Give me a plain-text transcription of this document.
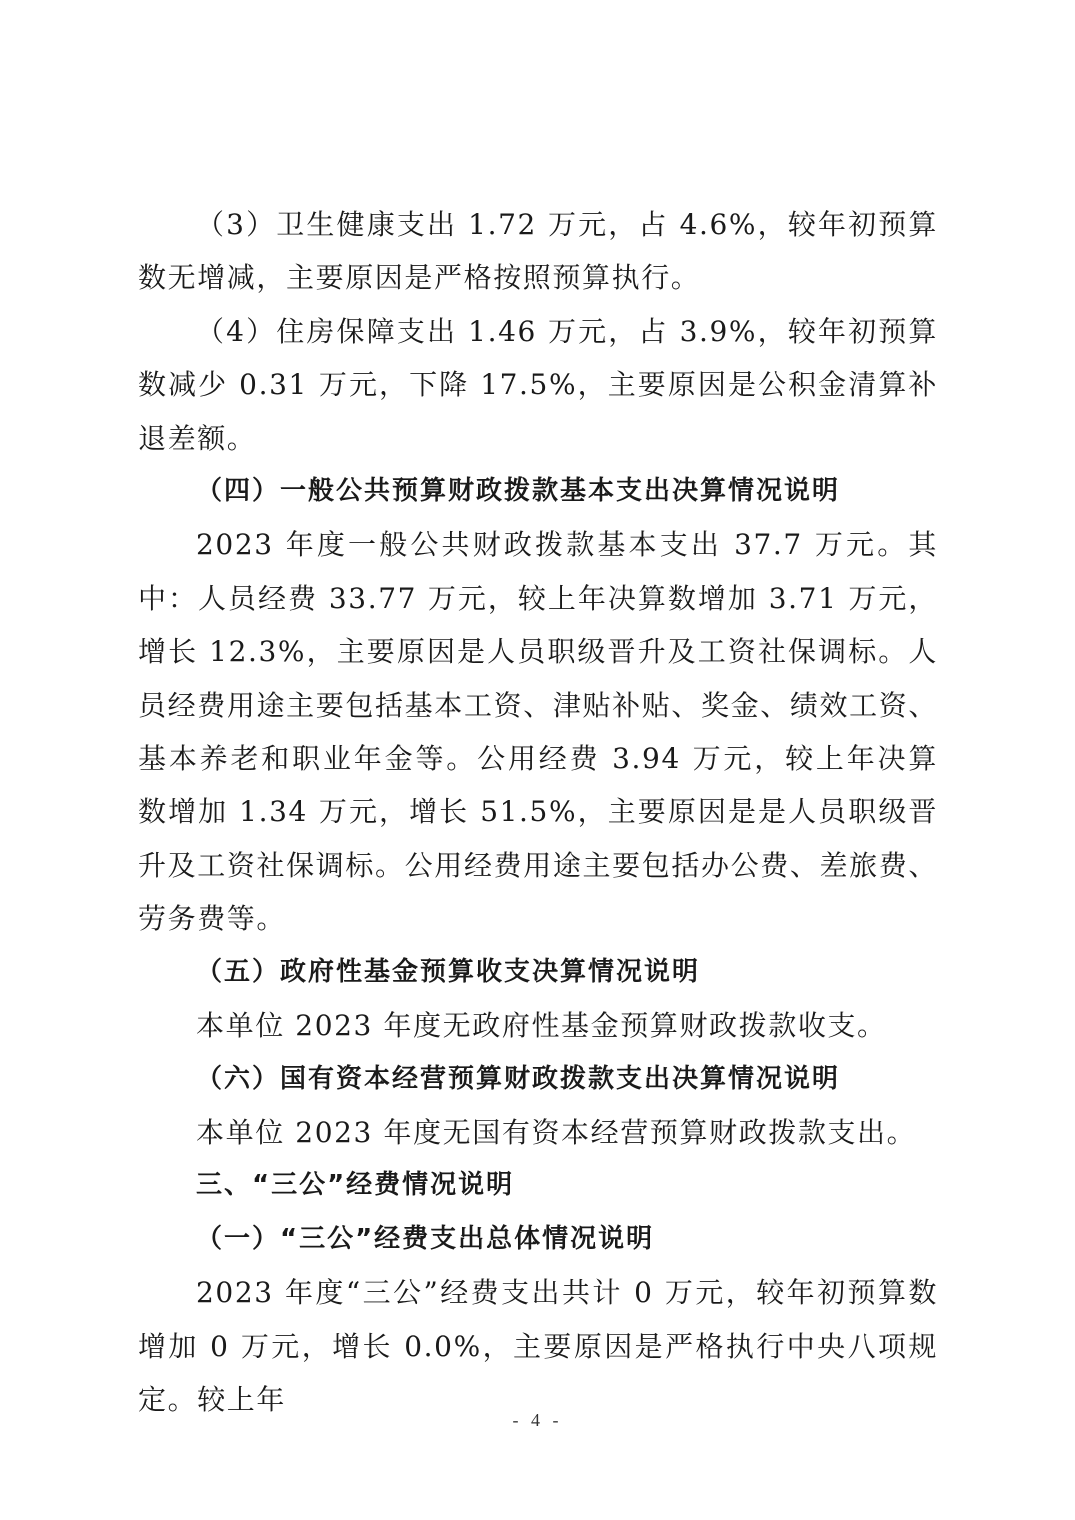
（3）卫生健康支出 1.72 万元，占 4.6%，较年初预算数无增减，主要原因是严格按照预算执行。

（4）住房保障支出 1.46 万元，占 3.9%，较年初预算数减少 0.31 万元，下降 17.5%，主要原因是公积金清算补退差额。

（四）一般公共预算财政拨款基本支出决算情况说明

2023 年度一般公共财政拨款基本支出 37.7 万元。其中：人员经费 33.77 万元，较上年决算数增加 3.71 万元，增长 12.3%，主要原因是人员职级晋升及工资社保调标。人员经费用途主要包括基本工资、津贴补贴、奖金、绩效工资、基本养老和职业年金等。公用经费 3.94 万元，较上年决算数增加 1.34 万元，增长 51.5%，主要原因是是人员职级晋升及工资社保调标。公用经费用途主要包括办公费、差旅费、劳务费等。

（五）政府性基金预算收支决算情况说明

本单位 2023 年度无政府性基金预算财政拨款收支。

（六）国有资本经营预算财政拨款支出决算情况说明

本单位 2023 年度无国有资本经营预算财政拨款支出。

三、“三公”经费情况说明

（一）“三公”经费支出总体情况说明

2023 年度“三公”经费支出共计 0 万元，较年初预算数增加 0 万元，增长 0.0%，主要原因是严格执行中央八项规定。较上年

- 4 -
